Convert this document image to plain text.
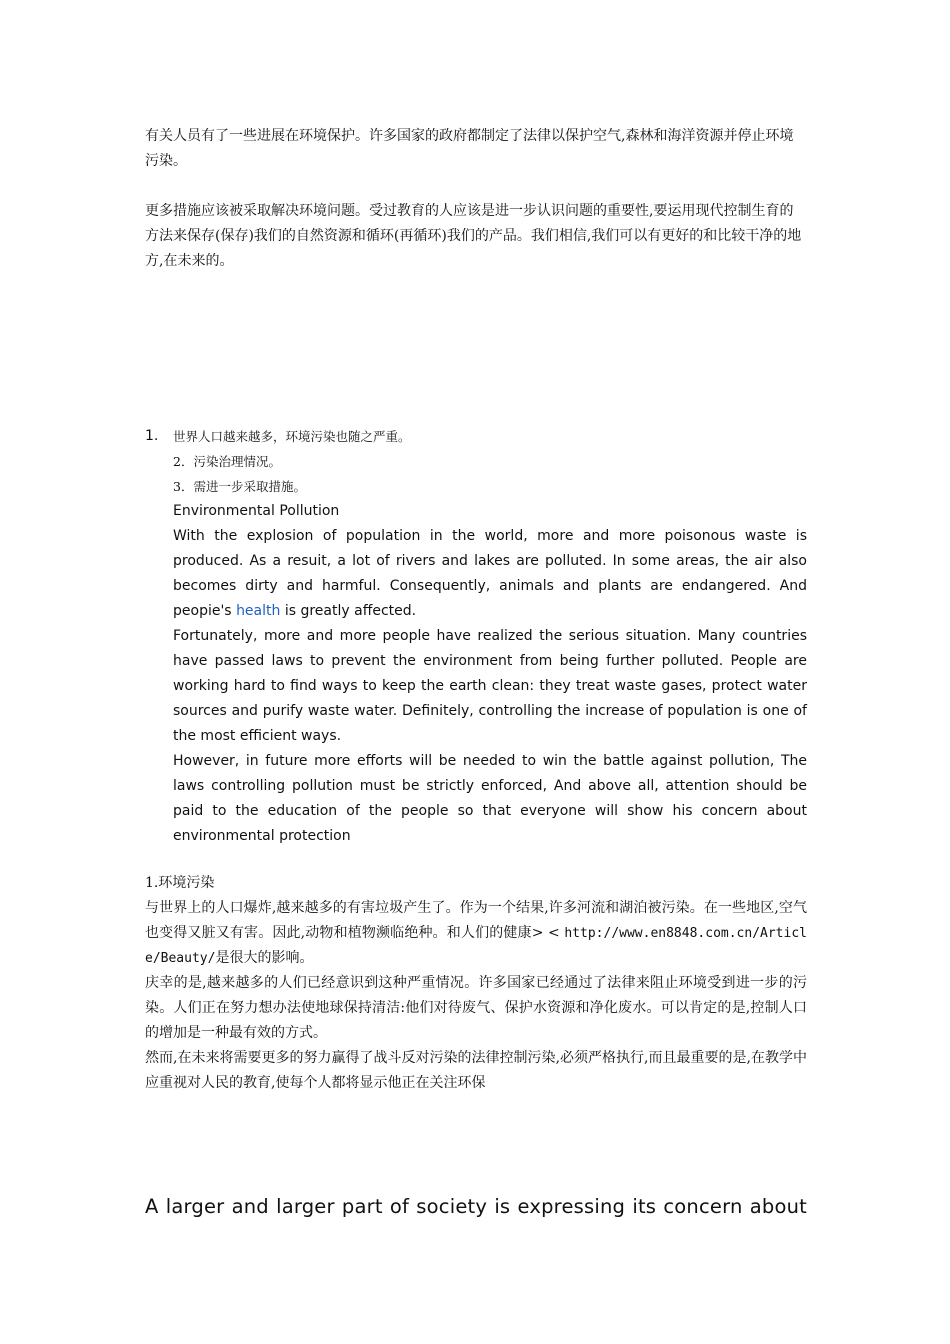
有关人员有了一些进展在环境保护。许多国家的政府都制定了法律以保护空气,森林和海洋资源并停止环境污染。

更多措施应该被采取解决环境问题。受过教育的人应该是进一步认识问题的重要性,要运用现代控制生育的方法来保存(保存)我们的自然资源和循环(再循环)我们的产品。我们相信,我们可以有更好的和比较干净的地方,在未来的。

1. 世界人口越来越多，环境污染也随之严重。
2．污染治理情况。
3．需进一步采取措施。
Environmental Pollution
With the explosion of population in the world, more and more poisonous waste is produced. As a resuit, a lot of rivers and lakes are polluted. In some areas, the air also becomes dirty and harmful. Consequently, animals and plants are endangered. And peopie's health is greatly affected.
Fortunately, more and more people have realized the serious situation. Many countries have passed laws to prevent the environment from being further polluted. People are working hard to find ways to keep the earth clean: they treat waste gases, protect water sources and purify waste water. Definitely, controlling the increase of population is one of the most efficient ways.
However, in future more efforts will be needed to win the battle against pollution, The laws controlling pollution must be strictly enforced, And above all, attention should be paid to the education of the people so that everyone will show his concern about environmental protection
1.环境污染
与世界上的人口爆炸,越来越多的有害垃圾产生了。作为一个结果,许多河流和湖泊被污染。在一些地区,空气也变得又脏又有害。因此,动物和植物濒临绝种。和人们的健康> < http://www.en8848.com.cn/Article/Beauty/是很大的影响。
庆幸的是,越来越多的人们已经意识到这种严重情况。许多国家已经通过了法律来阻止环境受到进一步的污染。人们正在努力想办法使地球保持清洁:他们对待废气、保护水资源和净化废水。可以肯定的是,控制人口的增加是一种最有效的方式。
然而,在未来将需要更多的努力赢得了战斗反对污染的法律控制污染,必须严格执行,而且最重要的是,在教学中应重视对人民的教育,使每个人都将显示他正在关注环保
A larger and larger part of society is expressing its concern about
